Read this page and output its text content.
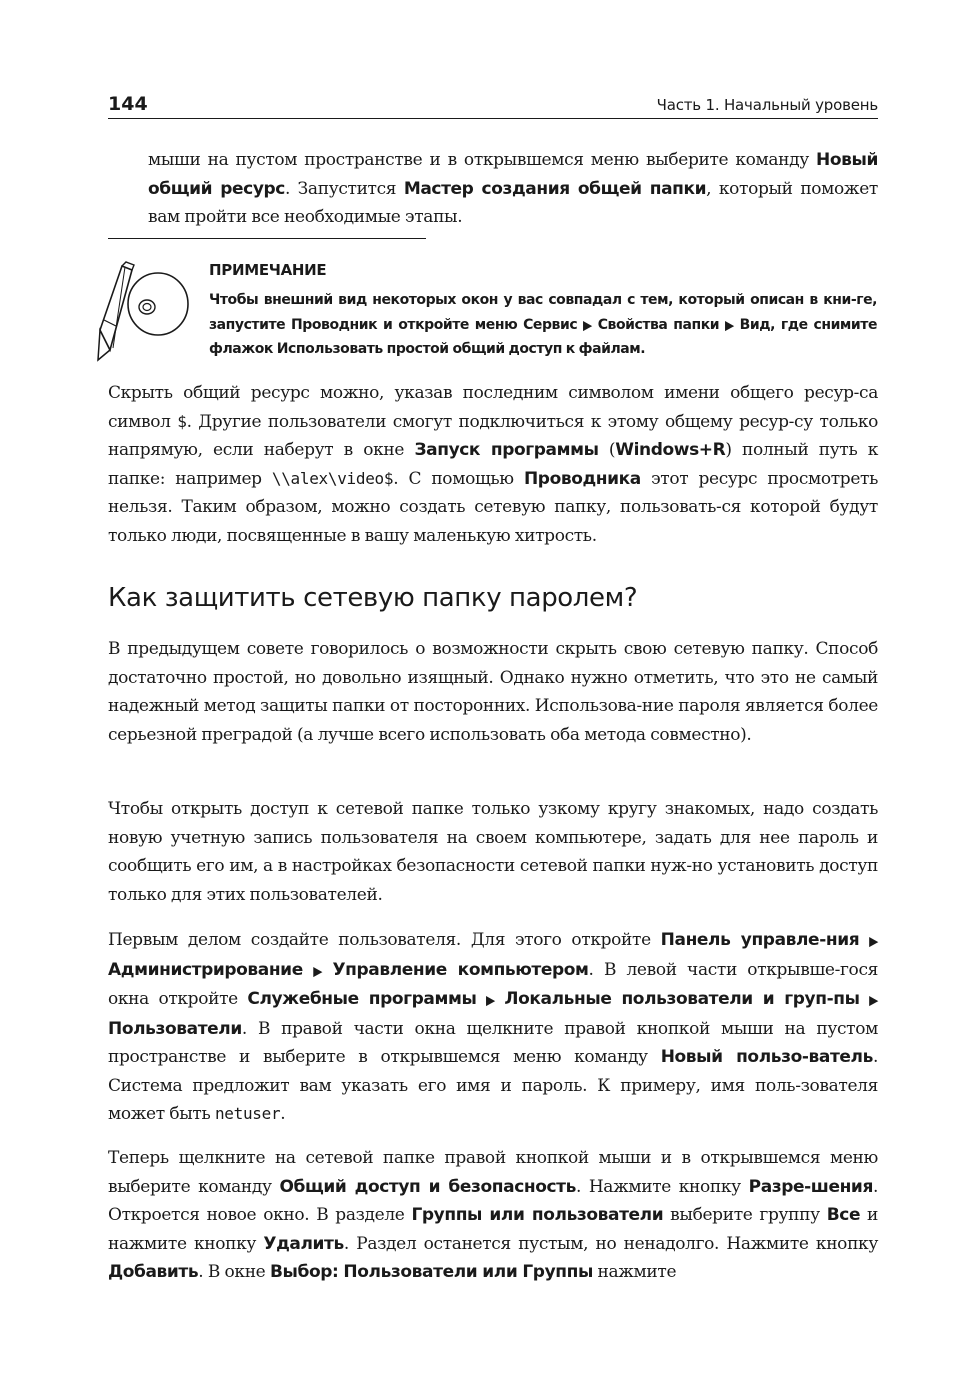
144	Часть 1. Начальный уровень

мыши на пустом пространстве и в открывшемся меню выберите команду Новый общий ресурс. Запустится Мастер создания общей папки, который поможет вам пройти все необходимые этапы.

ПРИМЕЧАНИЕ
Чтобы внешний вид некоторых окон у вас совпадал с тем, который описан в кни-ге, запустите Проводник и откройте меню Сервис ▶ Свойства папки ▶ Вид, где снимите флажок Использовать простой общий доступ к файлам.

Скрыть общий ресурс можно, указав последним символом имени общего ресур-са символ $. Другие пользователи смогут подключиться к этому общему ресур-су только напрямую, если наберут в окне Запуск программы (Windows+R) полный путь к папке: например \\alex\video$. С помощью Проводника этот ресурс просмотреть нельзя. Таким образом, можно создать сетевую папку, пользовать-ся которой будут только люди, посвященные в вашу маленькую хитрость.

Как защитить сетевую папку паролем?

В предыдущем совете говорилось о возможности скрыть свою сетевую папку. Способ достаточно простой, но довольно изящный. Однако нужно отметить, что это не самый надежный метод защиты папки от посторонних. Использова-ние пароля является более серьезной преградой (а лучше всего использовать оба метода совместно).

Чтобы открыть доступ к сетевой папке только узкому кругу знакомых, надо создать новую учетную запись пользователя на своем компьютере, задать для нее пароль и сообщить его им, а в настройках безопасности сетевой папки нуж-но установить доступ только для этих пользователей.

Первым делом создайте пользователя. Для этого откройте Панель управле-ния ▶ Администрирование ▶ Управление компьютером. В левой части открывше-гося окна откройте Служебные программы ▶ Локальные пользователи и груп-пы ▶ Пользователи. В правой части окна щелкните правой кнопкой мыши на пустом пространстве и выберите в открывшемся меню команду Новый пользо-ватель. Система предложит вам указать его имя и пароль. К примеру, имя поль-зователя может быть netuser.

Теперь щелкните на сетевой папке правой кнопкой мыши и в открывшемся меню выберите команду Общий доступ и безопасность. Нажмите кнопку Разре-шения. Откроется новое окно. В разделе Группы или пользователи выберите группу Все и нажмите кнопку Удалить. Раздел останется пустым, но ненадолго. Нажмите кнопку Добавить. В окне Выбор: Пользователи или Группы нажмите
